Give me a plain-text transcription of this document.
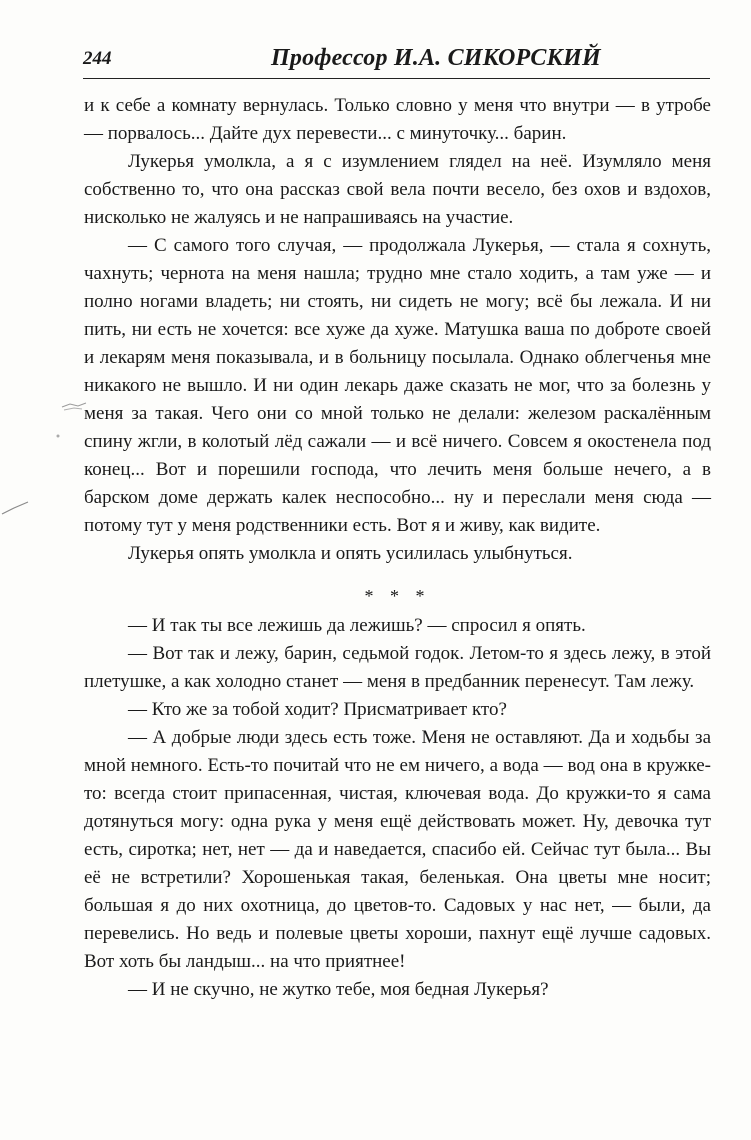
244	Профессор И.А. СИКОРСКИЙ

и к себе а комнату вернулась. Только словно у меня что внутри — в утробе — порвалось... Дайте дух перевести... с минуточку... барин.

Лукерья умолкла, а я с изумлением глядел на неё. Изумляло меня собственно то, что она рассказ свой вела почти весело, без охов и вздохов, нисколько не жалуясь и не напрашиваясь на участие.

— С самого того случая, — продолжала Лукерья, — стала я сохнуть, чахнуть; чернота на меня нашла; трудно мне стало ходить, а там уже — и полно ногами владеть; ни стоять, ни сидеть не могу; всё бы лежала. И ни пить, ни есть не хочется: все хуже да хуже. Матушка ваша по доброте своей и лекарям меня показывала, и в больницу посылала. Однако облегченья мне никакого не вышло. И ни один лекарь даже сказать не мог, что за болезнь у меня за такая. Чего они со мной только не делали: железом раскалённым спину жгли, в колотый лёд сажали — и всё ничего. Совсем я окостенела под конец... Вот и порешили господа, что лечить меня больше нечего, а в барском доме держать калек неспособно... ну и переслали меня сюда — потому тут у меня родственники есть. Вот я и живу, как видите.

Лукерья опять умолкла и опять усилилась улыбнуться.

* * *

— И так ты все лежишь да лежишь? — спросил я опять.

— Вот так и лежу, барин, седьмой годок. Летом-то я здесь лежу, в этой плетушке, а как холодно станет — меня в предбанник перенесут. Там лежу.

— Кто же за тобой ходит? Присматривает кто?

— А добрые люди здесь есть тоже. Меня не оставляют. Да и ходьбы за мной немного. Есть-то почитай что не ем ничего, а вода — вод она в кружке-то: всегда стоит припасенная, чистая, ключевая вода. До кружки-то я сама дотянуться могу: одна рука у меня ещё действовать может. Ну, девочка тут есть, сиротка; нет, нет — да и наведается, спасибо ей. Сейчас тут была... Вы её не встретили? Хорошенькая такая, беленькая. Она цветы мне носит; большая я до них охотница, до цветов-то. Садовых у нас нет, — были, да перевелись. Но ведь и полевые цветы хороши, пахнут ещё лучше садовых. Вот хоть бы ландыш... на что приятнее!

— И не скучно, не жутко тебе, моя бедная Лукерья?
